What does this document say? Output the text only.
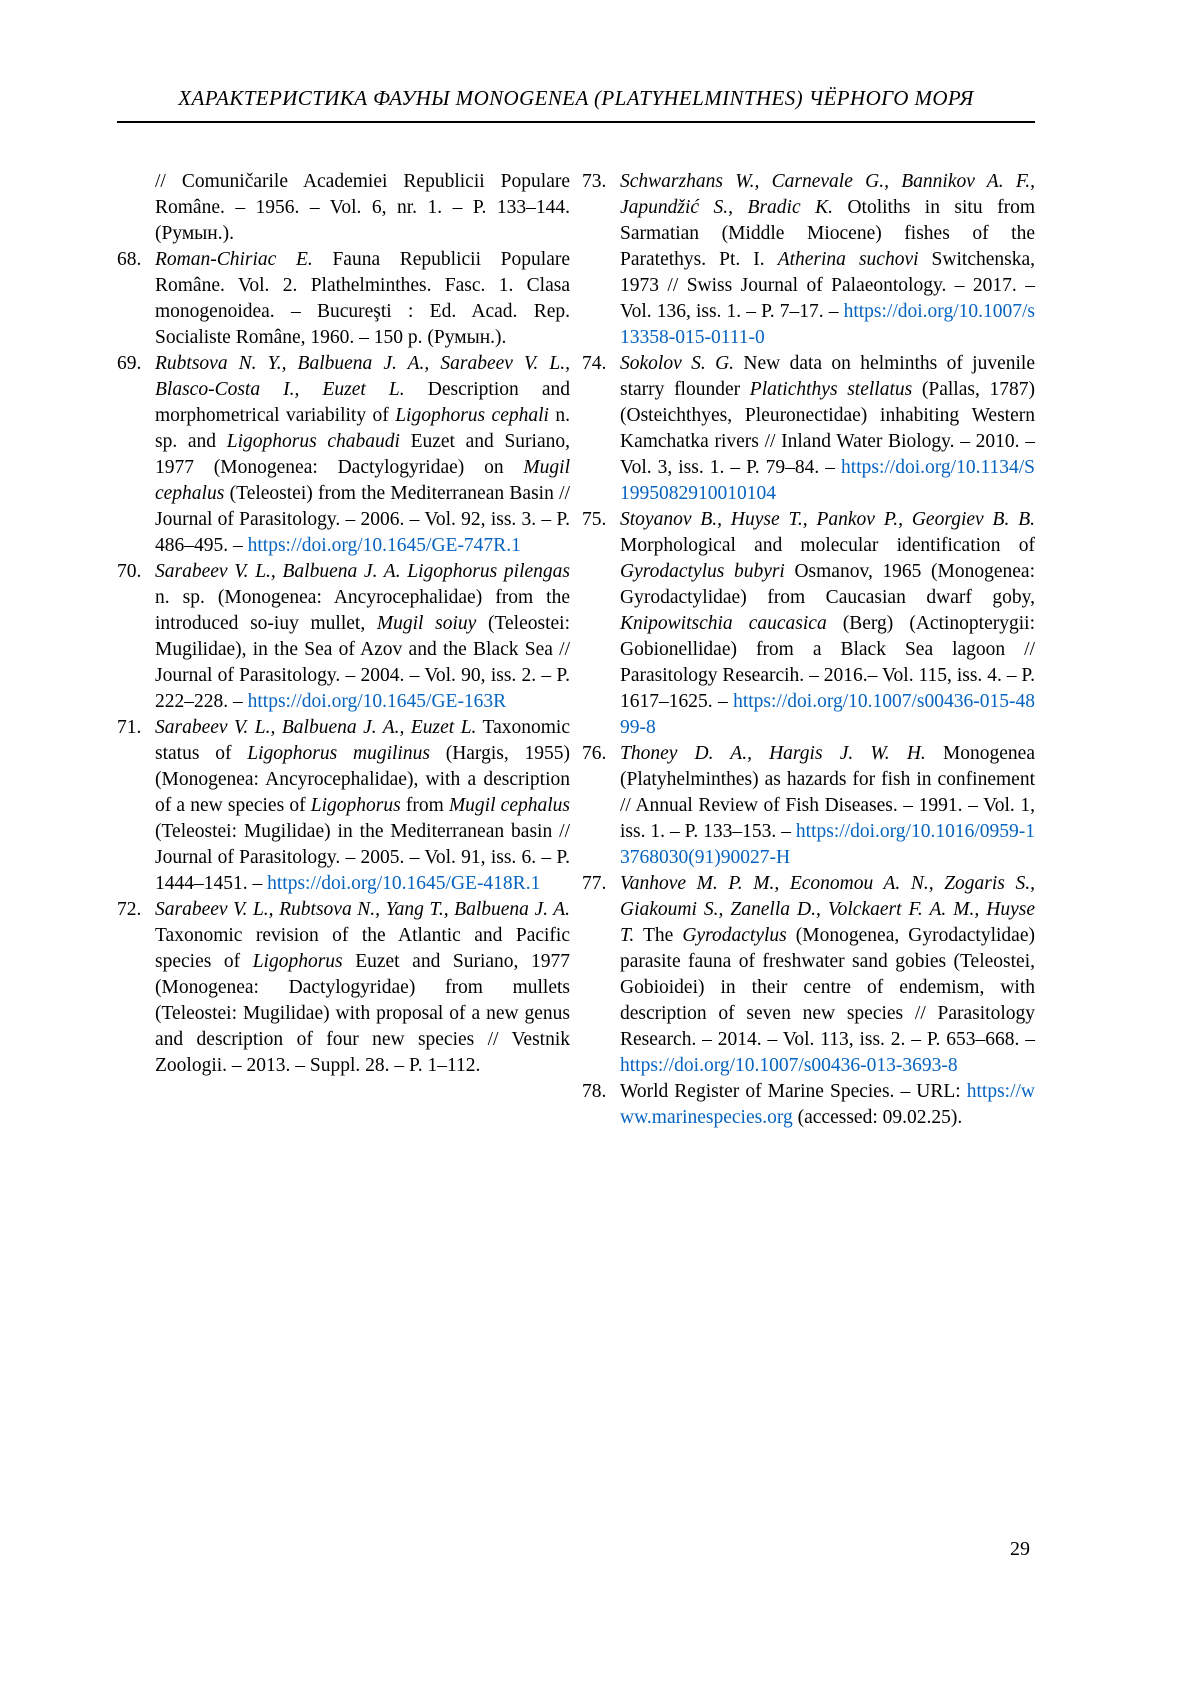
ХАРАКТЕРИСТИКА ФАУНЫ MONOGENEA (PLATYHELMINTHES) ЧЁРНОГО МОРЯ
// Comuničarile Academiei Republicii Populare Române. – 1956. – Vol. 6, nr. 1. – P. 133–144. (Румын.).
68. Roman-Chiriac E. Fauna Republicii Populare Române. Vol. 2. Plathelminthes. Fasc. 1. Clasa monogenoidea. – Bucureşti : Ed. Acad. Rep. Socialiste Române, 1960. – 150 p. (Румын.).
69. Rubtsova N. Y., Balbuena J. A., Sarabeev V. L., Blasco-Costa I., Euzet L. Description and morphometrical variability of Ligophorus cephali n. sp. and Ligophorus chabaudi Euzet and Suriano, 1977 (Monogenea: Dactylogyridae) on Mugil cephalus (Teleostei) from the Mediterranean Basin // Journal of Parasitology. – 2006. – Vol. 92, iss. 3. – P. 486–495. – https://doi.org/10.1645/GE-747R.1
70. Sarabeev V. L., Balbuena J. A. Ligophorus pilengas n. sp. (Monogenea: Ancyrocephalidae) from the introduced so-iuy mullet, Mugil soiuy (Teleostei: Mugilidae), in the Sea of Azov and the Black Sea // Journal of Parasitology. – 2004. – Vol. 90, iss. 2. – P. 222–228. – https://doi.org/10.1645/GE-163R
71. Sarabeev V. L., Balbuena J. A., Euzet L. Taxonomic status of Ligophorus mugilinus (Hargis, 1955) (Monogenea: Ancyrocephalidae), with a description of a new species of Ligophorus from Mugil cephalus (Teleostei: Mugilidae) in the Mediterranean basin // Journal of Parasitology. – 2005. – Vol. 91, iss. 6. – P. 1444–1451. – https://doi.org/10.1645/GE-418R.1
72. Sarabeev V. L., Rubtsova N., Yang T., Balbuena J. A. Taxonomic revision of the Atlantic and Pacific species of Ligophorus Euzet and Suriano, 1977 (Monogenea: Dactylogyridae) from mullets (Teleostei: Mugilidae) with proposal of a new genus and description of four new species // Vestnik Zoologii. – 2013. – Suppl. 28. – P. 1–112.
73. Schwarzhans W., Carnevale G., Bannikov A. F., Japundžić S., Bradic K. Otoliths in situ from Sarmatian (Middle Miocene) fishes of the Paratethys. Pt. I. Atherina suchovi Switchenska, 1973 // Swiss Journal of Palaeontology. – 2017. – Vol. 136, iss. 1. – P. 7–17. – https://doi.org/10.1007/s13358-015-0111-0
74. Sokolov S. G. New data on helminths of juvenile starry flounder Platichthys stellatus (Pallas, 1787) (Osteichthyes, Pleuronectidae) inhabiting Western Kamchatka rivers // Inland Water Biology. – 2010. – Vol. 3, iss. 1. – P. 79–84. – https://doi.org/10.1134/S1995082910010104
75. Stoyanov B., Huyse T., Pankov P., Georgiev B. B. Morphological and molecular identification of Gyrodactylus bubyri Osmanov, 1965 (Monogenea: Gyrodactylidae) from Caucasian dwarf goby, Knipowitschia caucasica (Berg) (Actinopterygii: Gobionellidae) from a Black Sea lagoon // Parasitology Researcih. – 2016.– Vol. 115, iss. 4. – P. 1617–1625. – https://doi.org/10.1007/s00436-015-4899-8
76. Thoney D. A., Hargis J. W. H. Monogenea (Platyhelminthes) as hazards for fish in confinement // Annual Review of Fish Diseases. – 1991. – Vol. 1, iss. 1. – P. 133–153. – https://doi.org/10.1016/0959-13768030(91)90027-H
77. Vanhove M. P. M., Economou A. N., Zogaris S., Giakoumi S., Zanella D., Volckaert F. A. M., Huyse T. The Gyrodactylus (Monogenea, Gyrodactylidae) parasite fauna of freshwater sand gobies (Teleostei, Gobioidei) in their centre of endemism, with description of seven new species // Parasitology Research. – 2014. – Vol. 113, iss. 2. – P. 653–668. – https://doi.org/10.1007/s00436-013-3693-8
78. World Register of Marine Species. – URL: https://www.marinespecies.org (accessed: 09.02.25).
29
